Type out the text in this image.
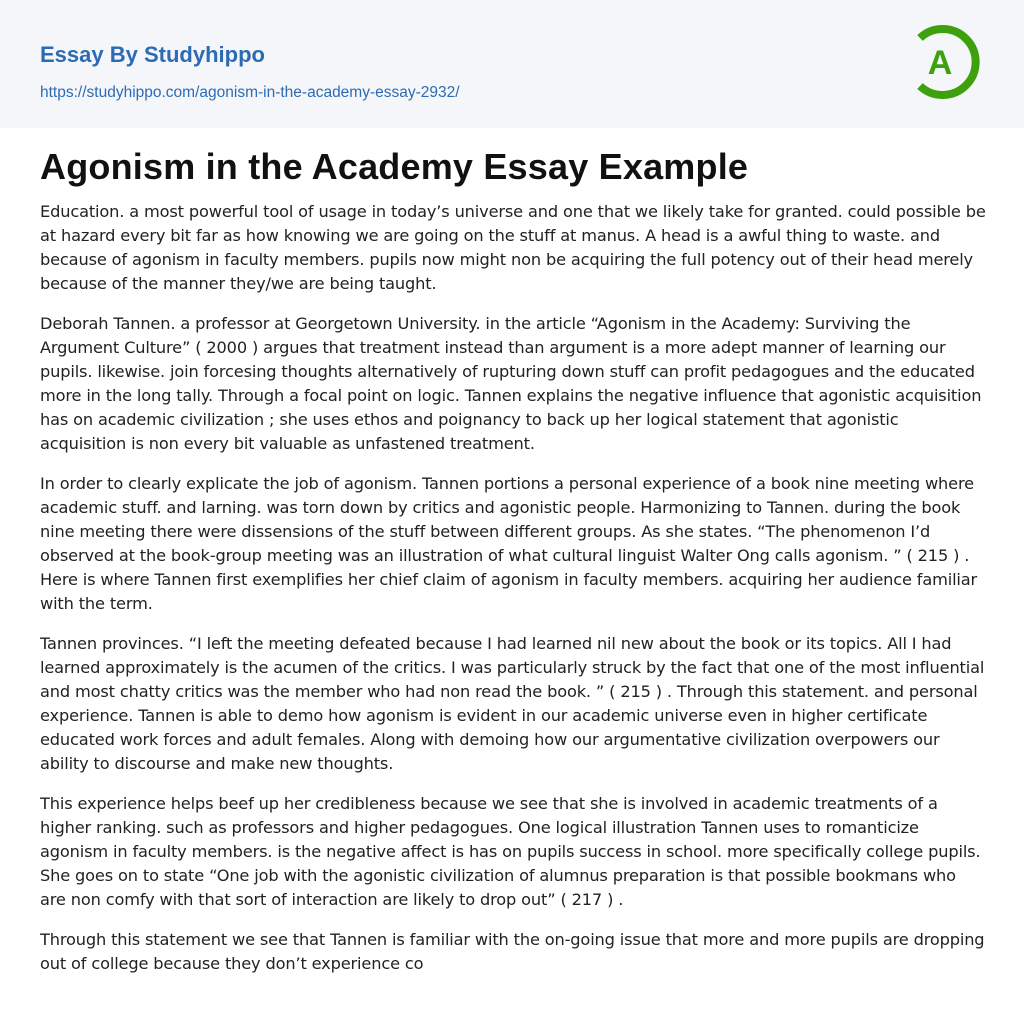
Essay By Studyhippo
https://studyhippo.com/agonism-in-the-academy-essay-2932/
A
Agonism in the Academy Essay Example

Education. a most powerful tool of usage in today’s universe and one that we likely take for granted. could possible be at hazard every bit far as how knowing we are going on the stuff at manus. A head is a awful thing to waste. and because of agonism in faculty members. pupils now might non be acquiring the full potency out of their head merely because of the manner they/we are being taught.

Deborah Tannen. a professor at Georgetown University. in the article “Agonism in the Academy: Surviving the Argument Culture” ( 2000 ) argues that treatment instead than argument is a more adept manner of learning our pupils. likewise. join forcesing thoughts alternatively of rupturing down stuff can profit pedagogues and the educated more in the long tally. Through a focal point on logic. Tannen explains the negative influence that agonistic acquisition has on academic civilization ; she uses ethos and poignancy to back up her logical statement that agonistic acquisition is non every bit valuable as unfastened treatment.

In order to clearly explicate the job of agonism. Tannen portions a personal experience of a book nine meeting where academic stuff. and larning. was torn down by critics and agonistic people. Harmonizing to Tannen. during the book nine meeting there were dissensions of the stuff between different groups. As she states. “The phenomenon I’d observed at the book-group meeting was an illustration of what cultural linguist Walter Ong calls agonism. ” ( 215 ) . Here is where Tannen first exemplifies her chief claim of agonism in faculty members. acquiring her audience familiar with the term.

Tannen provinces. “I left the meeting defeated because I had learned nil new about the book or its topics. All I had learned approximately is the acumen of the critics. I was particularly struck by the fact that one of the most influential and most chatty critics was the member who had non read the book. ” ( 215 ) . Through this statement. and personal experience. Tannen is able to demo how agonism is evident in our academic universe even in higher certificate educated work forces and adult females. Along with demoing how our argumentative civilization overpowers our ability to discourse and make new thoughts.

This experience helps beef up her credibleness because we see that she is involved in academic treatments of a higher ranking. such as professors and higher pedagogues. One logical illustration Tannen uses to romanticize agonism in faculty members. is the negative affect is has on pupils success in school. more specifically college pupils. She goes on to state “One job with the agonistic civilization of alumnus preparation is that possible bookmans who are non comfy with that sort of interaction are likely to drop out” ( 217 ) .

Through this statement we see that Tannen is familiar with the on-going issue that more and more pupils are dropping out of college because they don’t experience co
